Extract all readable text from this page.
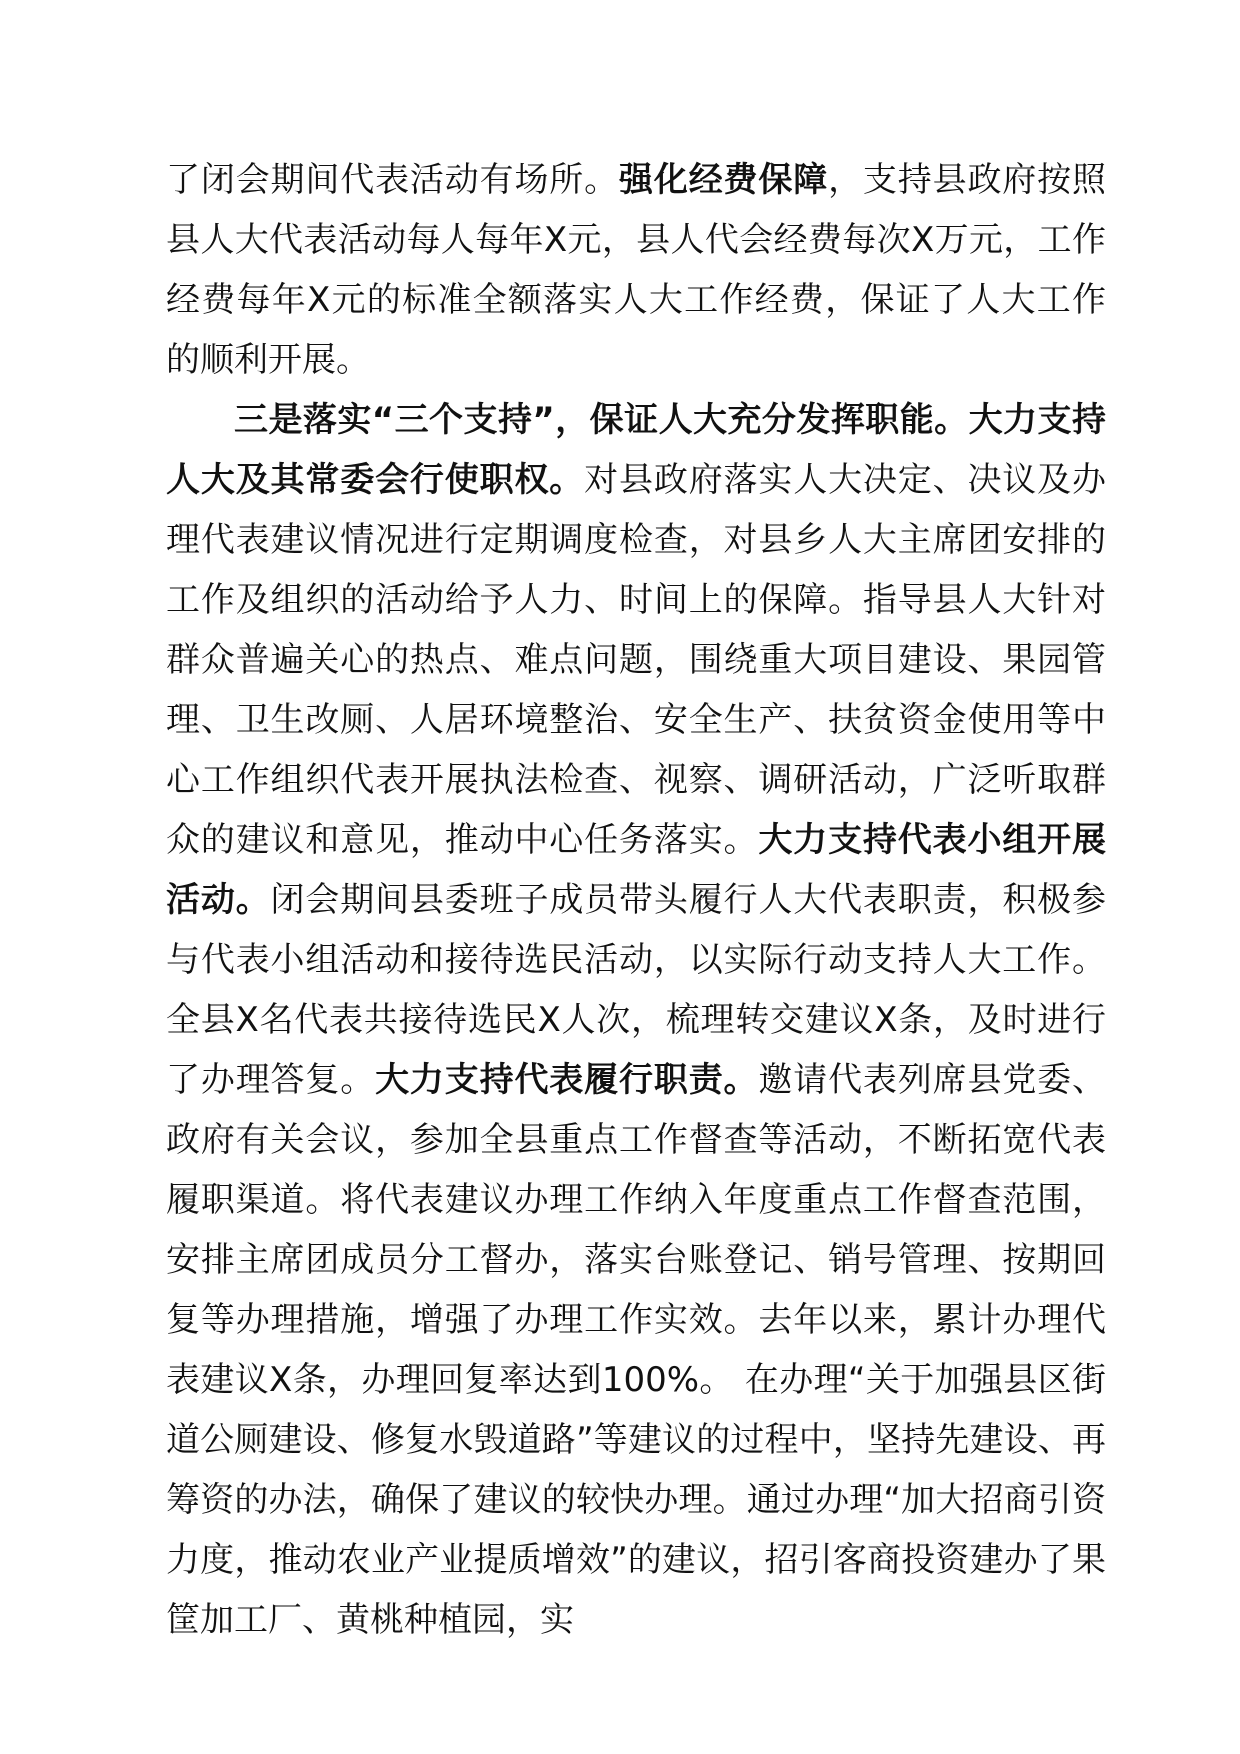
了闭会期间代表活动有场所。强化经费保障，支持县政府按照县人大代表活动每人每年X元，县人代会经费每次X万元，工作经费每年X元的标准全额落实人大工作经费，保证了人大工作的顺利开展。

三是落实“三个支持”，保证人大充分发挥职能。大力支持人大及其常委会行使职权。对县政府落实人大决定、决议及办理代表建议情况进行定期调度检查，对县乡人大主席团安排的工作及组织的活动给予人力、时间上的保障。指导县人大针对群众普遍关心的热点、难点问题，围绕重大项目建设、果园管理、卫生改厕、人居环境整治、安全生产、扶贫资金使用等中心工作组织代表开展执法检查、视察、调研活动，广泛听取群众的建议和意见，推动中心任务落实。大力支持代表小组开展活动。闭会期间县委班子成员带头履行人大代表职责，积极参与代表小组活动和接待选民活动，以实际行动支持人大工作。全县X名代表共接待选民X人次，梳理转交建议X条，及时进行了办理答复。大力支持代表履行职责。邀请代表列席县党委、政府有关会议，参加全县重点工作督查等活动，不断拓宽代表履职渠道。将代表建议办理工作纳入年度重点工作督查范围，安排主席团成员分工督办，落实台账登记、销号管理、按期回复等办理措施，增强了办理工作实效。去年以来，累计办理代表建议X条，办理回复率达到100%。 在办理“关于加强县区街道公厕建设、修复水毁道路”等建议的过程中，坚持先建设、再筹资的办法，确保了建议的较快办理。通过办理“加大招商引资力度，推动农业产业提质增效”的建议，招引客商投资建办了果筐加工厂、黄桃种植园，实
